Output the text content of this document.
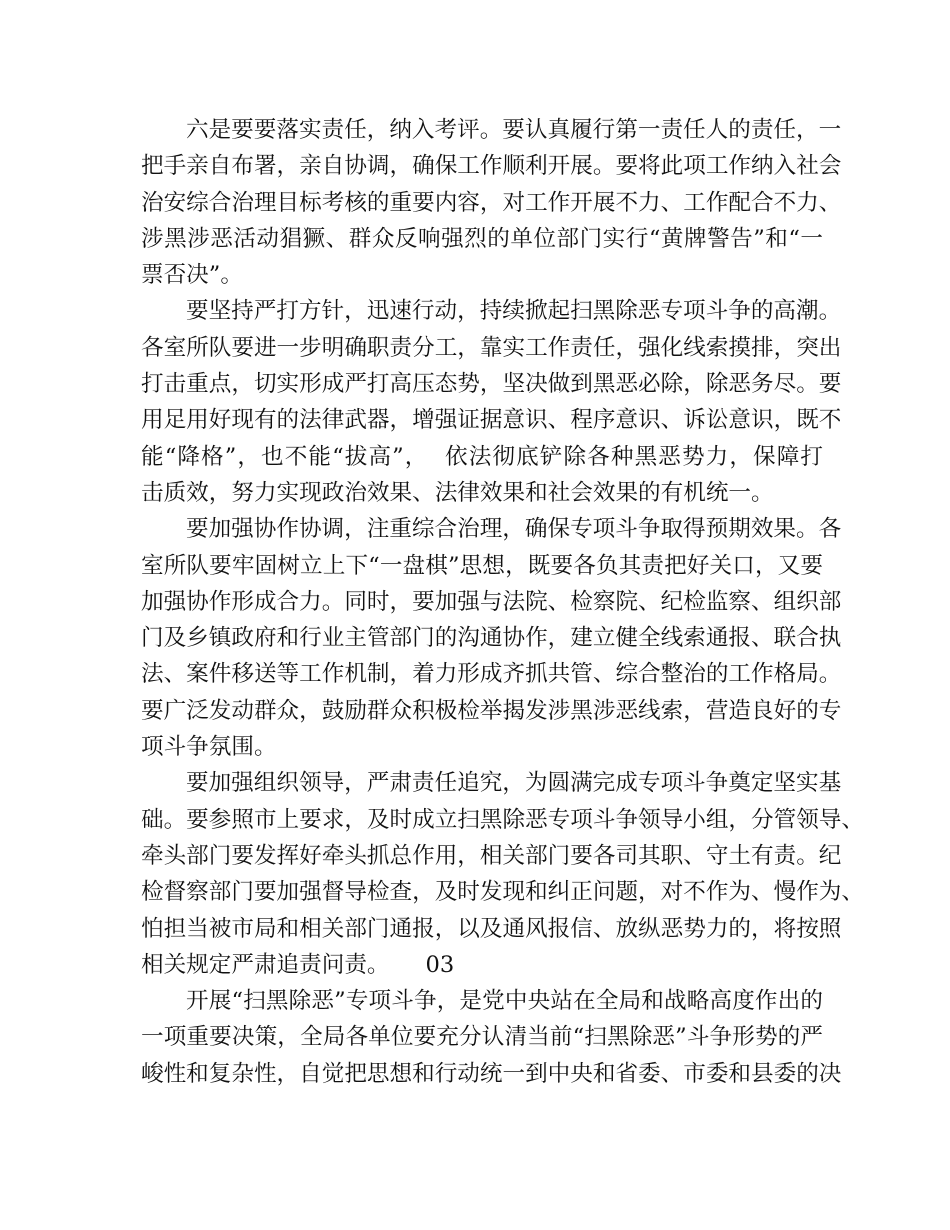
六是要要落实责任，纳入考评。要认真履行第一责任人的责任，一
把手亲自布署，亲自协调，确保工作顺利开展。要将此项工作纳入社会
治安综合治理目标考核的重要内容，对工作开展不力、工作配合不力、
涉黑涉恶活动猖獗、群众反响强烈的单位部门实行“黄牌警告”和“一
票否决”。

要坚持严打方针，迅速行动，持续掀起扫黑除恶专项斗争的高潮。
各室所队要进一步明确职责分工，靠实工作责任，强化线索摸排，突出
打击重点，切实形成严打高压态势，坚决做到黑恶必除，除恶务尽。要
用足用好现有的法律武器，增强证据意识、程序意识、诉讼意识，既不
能“降格”，也不能“拔高”，  依法彻底铲除各种黑恶势力，保障打
击质效，努力实现政治效果、法律效果和社会效果的有机统一。

要加强协作协调，注重综合治理，确保专项斗争取得预期效果。各
室所队要牢固树立上下“一盘棋”思想，既要各负其责把好关口，又要
加强协作形成合力。同时，要加强与法院、检察院、纪检监察、组织部
门及乡镇政府和行业主管部门的沟通协作，建立健全线索通报、联合执
法、案件移送等工作机制，着力形成齐抓共管、综合整治的工作格局。
要广泛发动群众，鼓励群众积极检举揭发涉黑涉恶线索，营造良好的专
项斗争氛围。

要加强组织领导，严肃责任追究，为圆满完成专项斗争奠定坚实基
础。要参照市上要求，及时成立扫黑除恶专项斗争领导小组，分管领导、
牵头部门要发挥好牵头抓总作用，相关部门要各司其职、守土有责。纪
检督察部门要加强督导检查，及时发现和纠正问题，对不作为、慢作为、
怕担当被市局和相关部门通报，以及通风报信、放纵恶势力的，将按照
相关规定严肃追责问责。     03

开展“扫黑除恶”专项斗争，是党中央站在全局和战略高度作出的
一项重要决策，全局各单位要充分认清当前“扫黑除恶”斗争形势的严
峻性和复杂性，自觉把思想和行动统一到中央和省委、市委和县委的决
